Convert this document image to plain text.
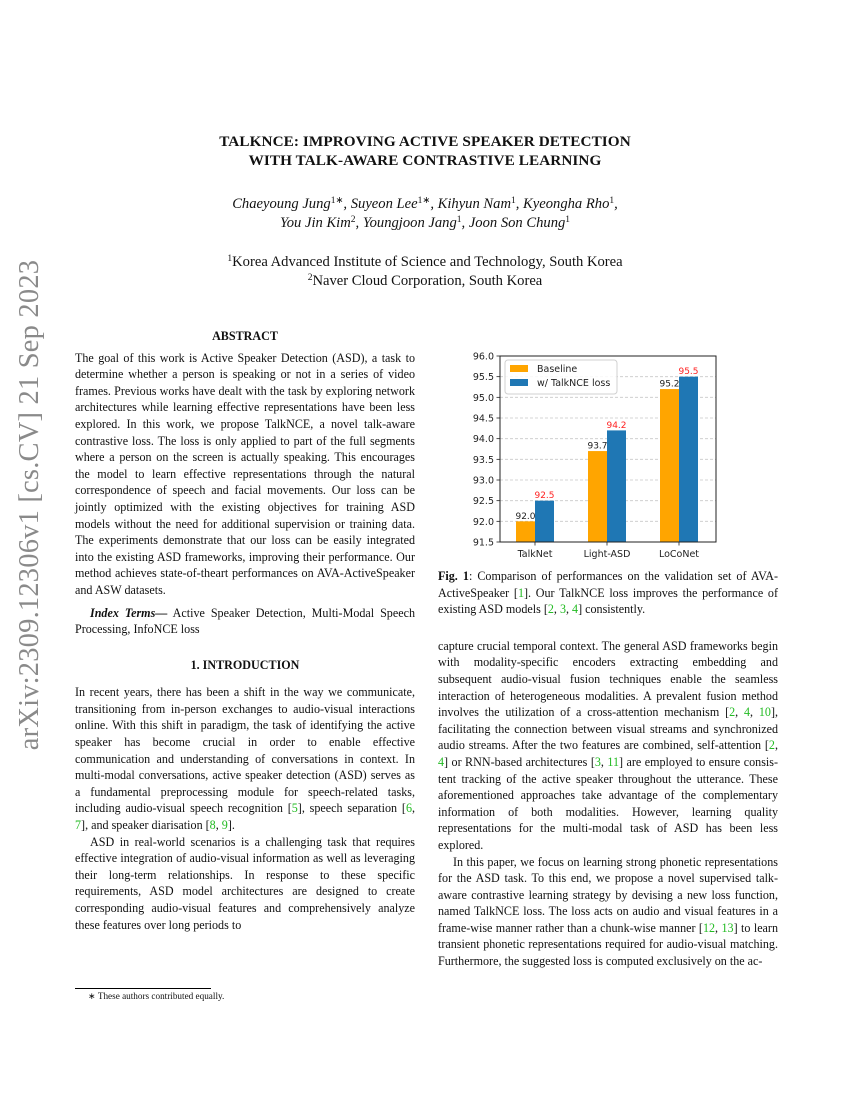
arXiv:2309.12306v1 [cs.CV] 21 Sep 2023
TALKNCE: IMPROVING ACTIVE SPEAKER DETECTION
WITH TALK-AWARE CONTRASTIVE LEARNING
Chaeyoung Jung$^{1∗}$, Suyeon Lee$^{1∗}$, Kihyun Nam$^1$, Kyeongha Rho$^1$,
You Jin Kim$^2$, Youngjoon Jang$^1$, Joon Son Chung$^1$
$^1$Korea Advanced Institute of Science and Technology, South Korea
$^2$Naver Cloud Corporation, South Korea

ABSTRACT

The goal of this work is Active Speaker Detection (ASD), a task to determine whether a person is speaking or not in a series of video frames. Previous works have dealt with the task by exploring network architectures while learning effective representations have been less explored. In this work, we propose TalkNCE, a novel talk-aware contrastive loss. The loss is only applied to part of the full segments where a person on the screen is actually speaking. This encourages the model to learn effective representations through the natural correspondence of speech and facial movements. Our loss can be jointly optimized with the existing objectives for training ASD models without the need for additional supervision or training data. The experiments demonstrate that our loss can be easily integrated into the existing ASD frameworks, improving their performance. Our method achieves state-of-theart performances on AVA-ActiveSpeaker and ASW datasets.

Index Terms— Active Speaker Detection, Multi-Modal Speech Processing, InfoNCE loss

1. INTRODUCTION

In recent years, there has been a shift in the way we communicate, transitioning from in-person exchanges to audio-visual interactions online. With this shift in paradigm, the task of identifying the active speaker has become crucial in order to enable effective communication and understanding of conversations in context. In multi-modal conversations, active speaker detection (ASD) serves as a fundamental preprocessing module for speech-related tasks, including audio-visual speech recognition [5], speech separation [6, 7], and speaker diarisation [8, 9].

ASD in real-world scenarios is a challenging task that requires effective integration of audio-visual information as well as leveraging their long-term relationships. In response to these specific requirements, ASD model architectures are designed to create corresponding audio-visual features and comprehensively analyze these features over long periods to

∗ These authors contributed equally.
92.0
92.5
93.7
94.2
95.2
95.5
91.5
92.0
92.5
93.0
93.5
94.0
94.5
95.0
95.5
96.0
TalkNet	Light-ASD	LoCoNet
Baseline
w/ TalkNCE loss

Fig. 1: Comparison of performances on the validation set of AVA-ActiveSpeaker [1]. Our TalkNCE loss improves the performance of existing ASD models [2, 3, 4] consistently.

capture crucial temporal context. The general ASD frameworks begin with modality-specific encoders extracting embedding and subsequent audio-visual fusion techniques enable the seamless interaction of heterogeneous modalities. A prevalent fusion method involves the utilization of a cross-attention mechanism [2, 4, 10], facilitating the connection between visual streams and synchronized audio streams. After the two features are combined, self-attention [2, 4] or RNN-based architectures [3, 11] are employed to ensure consistent tracking of the active speaker throughout the utterance. These aforementioned approaches take advantage of the complementary information of both modalities. However, learning quality representations for the multi-modal task of ASD has been less explored.

In this paper, we focus on learning strong phonetic representations for the ASD task. To this end, we propose a novel supervised talk-aware contrastive learning strategy by devising a new loss function, named TalkNCE loss. The loss acts on audio and visual features in a frame-wise manner rather than a chunk-wise manner [12, 13] to learn transient phonetic representations required for audio-visual matching. Furthermore, the suggested loss is computed exclusively on the ac-
